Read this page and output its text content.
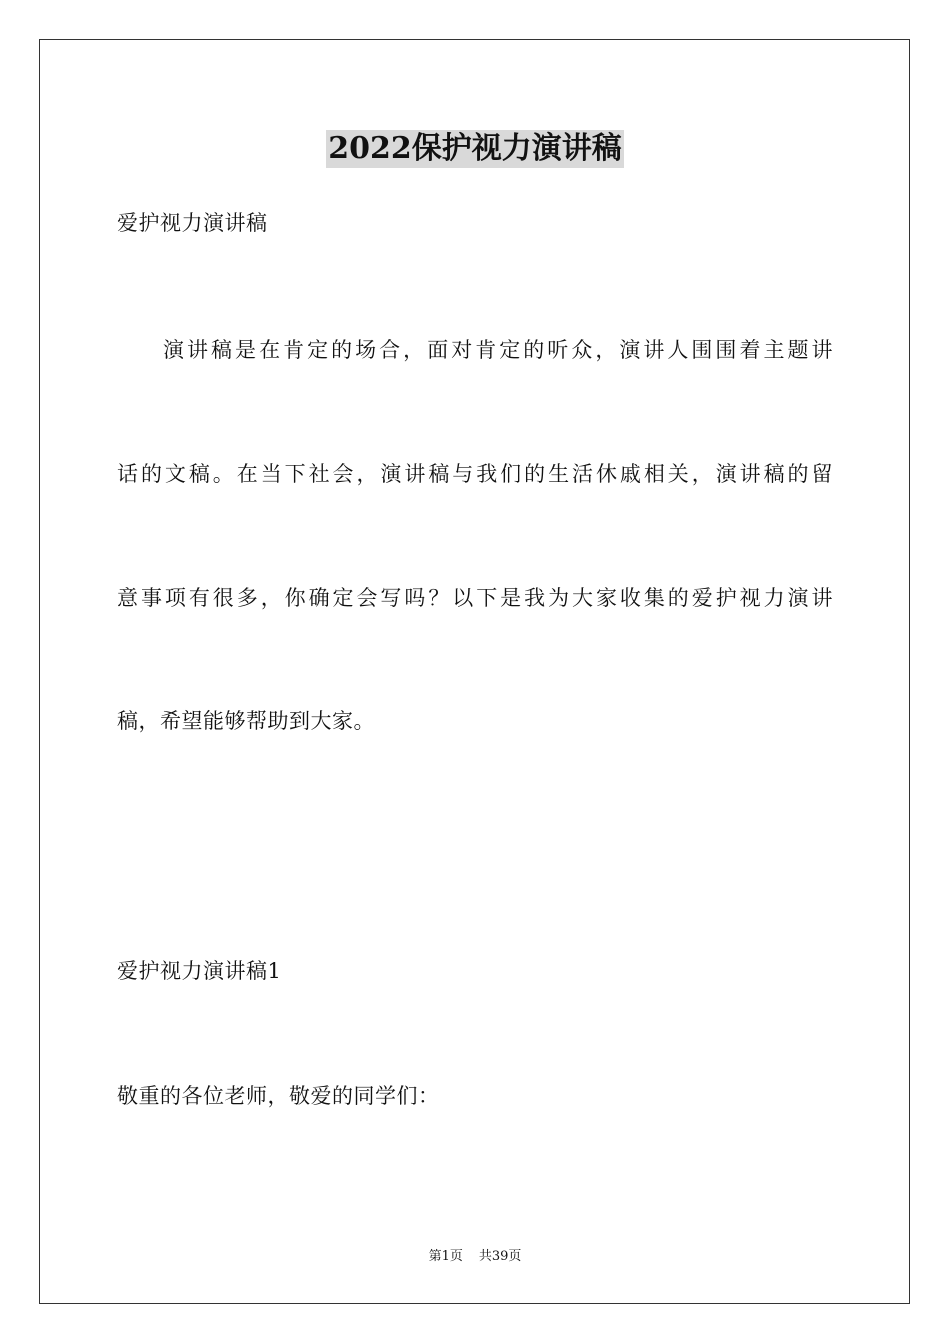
2022保护视力演讲稿

爱护视力演讲稿

演讲稿是在肯定的场合，面对肯定的听众，演讲人围围着主题讲

话的文稿。在当下社会，演讲稿与我们的生活休戚相关，演讲稿的留

意事项有很多，你确定会写吗？以下是我为大家收集的爱护视力演讲

稿，希望能够帮助到大家。

爱护视力演讲稿1

敬重的各位老师，敬爱的同学们：

第1页 共39页
